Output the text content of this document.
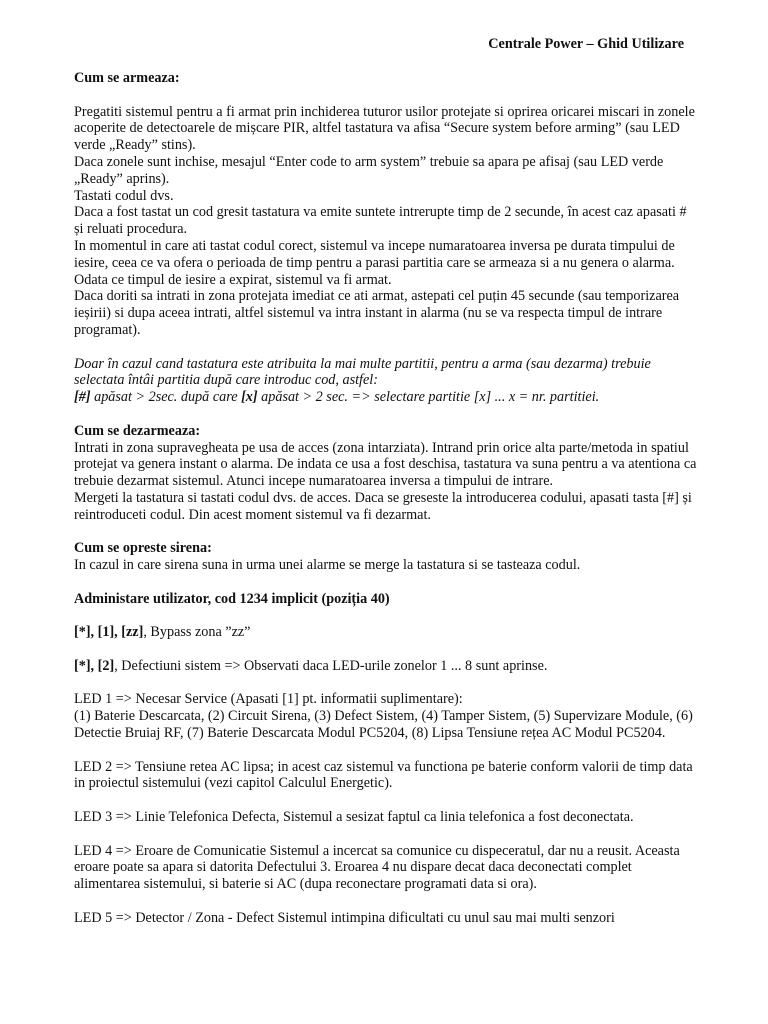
Centrale Power – Ghid Utilizare

Cum se armeaza:

Pregatiti sistemul pentru a fi armat prin inchiderea tuturor usilor protejate si oprirea oricarei miscari in zonele acoperite de detectoarele de mișcare PIR, altfel tastatura va afisa “Secure system before arming” (sau LED verde „Ready” stins).

Daca zonele sunt inchise, mesajul “Enter code to arm system” trebuie sa apara pe afisaj (sau LED verde „Ready” aprins).

Tastati codul dvs.

Daca a fost tastat un cod gresit tastatura va emite suntete intrerupte timp de 2 secunde, în acest caz apasati # și reluati procedura.

In momentul in care ati tastat codul corect, sistemul va incepe numaratoarea inversa pe durata timpului de iesire, ceea ce va ofera o perioada de timp pentru a parasi partitia care se armeaza si a nu genera o alarma.

Odata ce timpul de iesire a expirat, sistemul va fi armat.

Daca doriti sa intrati in zona protejata imediat ce ati armat, astepati cel puțin 45 secunde (sau temporizarea ieșirii) si dupa aceea intrati, altfel sistemul va intra instant in alarma (nu se va respecta timpul de intrare programat).

Doar în cazul cand tastatura este atribuita la mai multe partitii, pentru a arma (sau dezarma) trebuie selectata întâi partitia după care introduc cod, astfel:

[#] apăsat > 2sec. după care [x] apăsat > 2 sec. => selectare partitie [x] ... x = nr. partitiei.

Cum se dezarmeaza:

Intrati in zona supravegheata pe usa de acces (zona intarziata). Intrand prin orice alta parte/metoda in spatiul protejat va genera instant o alarma. De indata ce usa a fost deschisa, tastatura va suna pentru a va atentiona ca trebuie dezarmat sistemul. Atunci incepe numaratoarea inversa a timpului de intrare.

Mergeti la tastatura si tastati codul dvs. de acces. Daca se greseste la introducerea codului, apasati tasta [#] și reintroduceti codul. Din acest moment sistemul va fi dezarmat.

Cum se opreste sirena:

In cazul in care sirena suna in urma unei alarme se merge la tastatura si se tasteaza codul.

Administare utilizator, cod 1234 implicit (poziția 40)

[*], [1], [zz], Bypass zona ”zz”

[*], [2], Defectiuni sistem => Observati daca LED-urile zonelor 1 ... 8 sunt aprinse.

LED 1 => Necesar Service (Apasati [1] pt. informatii suplimentare):

(1) Baterie Descarcata, (2) Circuit Sirena, (3) Defect Sistem, (4) Tamper Sistem, (5) Supervizare Module, (6) Detectie Bruiaj RF, (7) Baterie Descarcata Modul PC5204, (8) Lipsa Tensiune rețea AC Modul PC5204.

LED 2 => Tensiune retea AC lipsa; in acest caz sistemul va functiona pe baterie conform valorii de timp data in proiectul sistemului (vezi capitol Calculul Energetic).

LED 3 => Linie Telefonica Defecta, Sistemul a sesizat faptul ca linia telefonica a fost deconectata.

LED 4 => Eroare de Comunicatie Sistemul a incercat sa comunice cu dispeceratul, dar nu a reusit. Aceasta eroare poate sa apara si datorita Defectului 3. Eroarea 4 nu dispare decat daca deconectati complet alimentarea sistemului, si baterie si AC (dupa reconectare programati data si ora).

LED 5 => Detector / Zona - Defect Sistemul intimpina dificultati cu unul sau mai multi senzori
